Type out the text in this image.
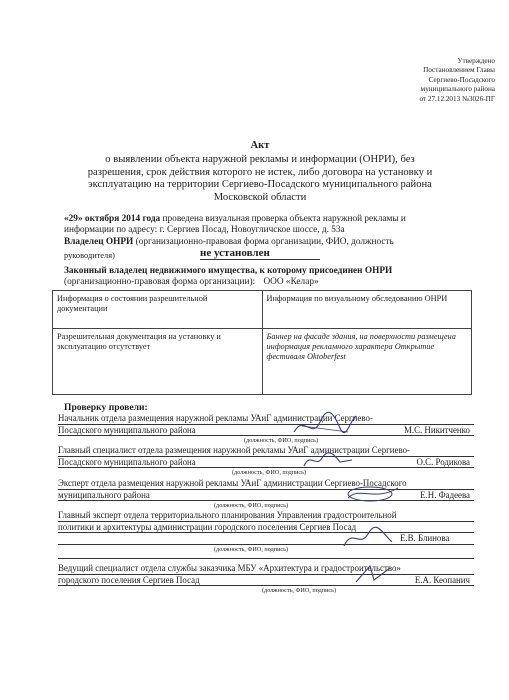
Утверждено
Постановлением Главы
Сергиево-Посадского
муниципального района
от 27.12.2013 №3026-ПГ
Акт
о выявлении объекта наружной рекламы и информации (ОНРИ), без
разрешения, срок действия которого не истек, либо договора на установку и
эксплуатацию на территории Сергиево-Посадского муниципального района
Московской области
«29» октября 2014 года проведена визуальная проверка объекта наружной рекламы и
информации по адресу: г. Сергиев Посад, Новоугличское шоссе, д. 53а
Владелец ОНРИ (организационно-правовая форма организации, ФИО, должность
руководителя)	не установлен
Законный владелец недвижимого имущества, к которому присоединен ОНРИ
(организационно-правовая форма организации): ООО «Келар»
Информация о состоянии разрешительной документации	Информация по визуальному обследованию ОНРИ
Разрешительная документация на установку и эксплуатацию отсутствует	Баннер на фасаде здания, на поверхности размещена информация рекламного характера Открытие фестиваля Oktoberfest
Проверку провели:
Начальник отдела размещения наружной рекламы УАиГ администрации Сергиево-
Посадского муниципального района	М.С. Никитченко
(должность, ФИО, подпись)
Главный специалист отдела размещения наружной рекламы УАиГ администрации Сергиево-
Посадского муниципального района	О.С. Родикова
(должность, ФИО, подпись)
Эксперт отдела размещения наружной рекламы УАиГ администрации Сергиево-Посадского
муниципального района	Е.Н. Фадеева
(должность, ФИО, подпись)
Главный эксперт отдела территориального планирования Управления градостроительной
политики и архитектуры администрации городского поселения Сергиев Посад
Е.В. Блинова
(должность, ФИО, подпись)
Ведущий специалист отдела службы заказчика МБУ «Архитектура и градостроительство»
городского поселения Сергиев Посад	Е.А. Кеопанич
(должность, ФИО, подпись)
